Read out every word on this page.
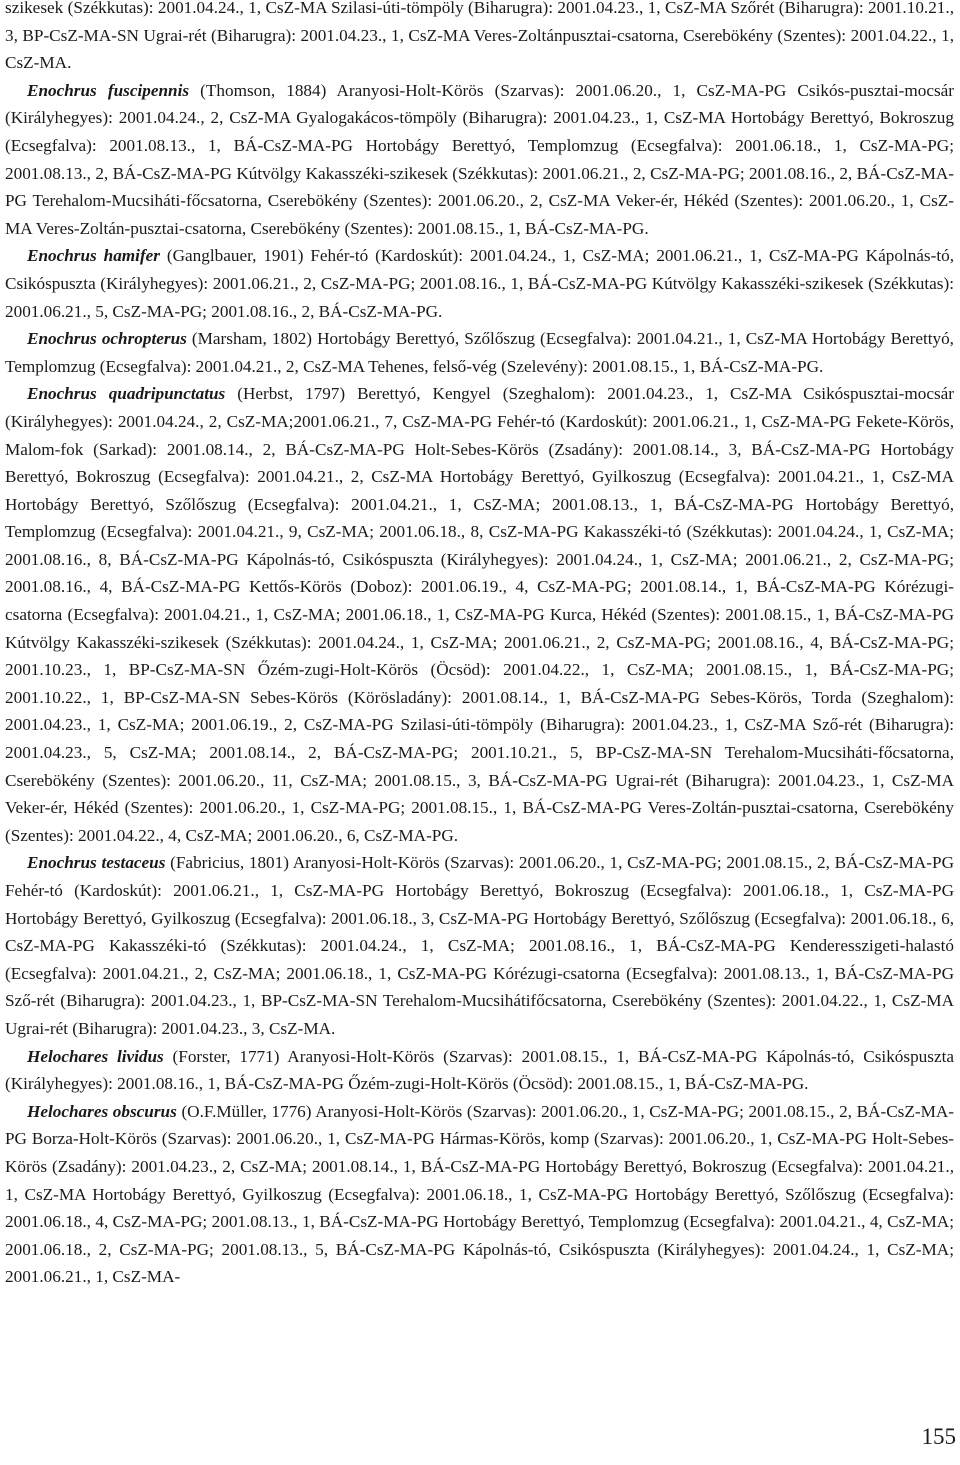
szikesek (Székkutas): 2001.04.24., 1, CsZ-MA Szilasi-úti-tömpöly (Biharugra): 2001.04.23., 1, CsZ-MA Szőrét (Biharugra): 2001.10.21., 3, BP-CsZ-MA-SN Ugrai-rét (Biharugra): 2001.04.23., 1, CsZ-MA Veres-Zoltánpusztai-csatorna, Cserebökény (Szentes): 2001.04.22., 1, CsZ-MA.

Enochrus fuscipennis (Thomson, 1884) Aranyosi-Holt-Körös (Szarvas): 2001.06.20., 1, CsZ-MA-PG Csikós-pusztai-mocsár (Királyhegyes): 2001.04.24., 2, CsZ-MA Gyalogakácos-tömpöly (Biharugra): 2001.04.23., 1, CsZ-MA Hortobágy Berettyó, Bokroszug (Ecsegfalva): 2001.08.13., 1, BÁ-CsZ-MA-PG Hortobágy Berettyó, Templomzug (Ecsegfalva): 2001.06.18., 1, CsZ-MA-PG; 2001.08.13., 2, BÁ-CsZ-MA-PG Kútvölgy Kakasszéki-szikesek (Székkutas): 2001.06.21., 2, CsZ-MA-PG; 2001.08.16., 2, BÁ-CsZ-MA-PG Terehalom-Mucsiháti-főcsatorna, Cserebökény (Szentes): 2001.06.20., 2, CsZ-MA Veker-ér, Hékéd (Szentes): 2001.06.20., 1, CsZ-MA Veres-Zoltán-pusztai-csatorna, Cserebökény (Szentes): 2001.08.15., 1, BÁ-CsZ-MA-PG.

Enochrus hamifer (Ganglbauer, 1901) Fehér-tó (Kardoskút): 2001.04.24., 1, CsZ-MA; 2001.06.21., 1, CsZ-MA-PG Kápolnás-tó, Csikóspuszta (Királyhegyes): 2001.06.21., 2, CsZ-MA-PG; 2001.08.16., 1, BÁ-CsZ-MA-PG Kútvölgy Kakasszéki-szikesek (Székkutas): 2001.06.21., 5, CsZ-MA-PG; 2001.08.16., 2, BÁ-CsZ-MA-PG.

Enochrus ochropterus (Marsham, 1802) Hortobágy Berettyó, Szőlőszug (Ecsegfalva): 2001.04.21., 1, CsZ-MA Hortobágy Berettyó, Templomzug (Ecsegfalva): 2001.04.21., 2, CsZ-MA Tehenes, felső-vég (Szelevény): 2001.08.15., 1, BÁ-CsZ-MA-PG.

Enochrus quadripunctatus (Herbst, 1797) Berettyó, Kengyel (Szeghalom): 2001.04.23., 1, CsZ-MA Csikóspusztai-mocsár (Királyhegyes): 2001.04.24., 2, CsZ-MA;2001.06.21., 7, CsZ-MA-PG Fehér-tó (Kardoskút): 2001.06.21., 1, CsZ-MA-PG Fekete-Körös, Malom-fok (Sarkad): 2001.08.14., 2, BÁ-CsZ-MA-PG Holt-Sebes-Körös (Zsadány): 2001.08.14., 3, BÁ-CsZ-MA-PG Hortobágy Berettyó, Bokroszug (Ecsegfalva): 2001.04.21., 2, CsZ-MA Hortobágy Berettyó, Gyilkoszug (Ecsegfalva): 2001.04.21., 1, CsZ-MA Hortobágy Berettyó, Szőlőszug (Ecsegfalva): 2001.04.21., 1, CsZ-MA; 2001.08.13., 1, BÁ-CsZ-MA-PG Hortobágy Berettyó, Templomzug (Ecsegfalva): 2001.04.21., 9, CsZ-MA; 2001.06.18., 8, CsZ-MA-PG Kakasszéki-tó (Székkutas): 2001.04.24., 1, CsZ-MA; 2001.08.16., 8, BÁ-CsZ-MA-PG Kápolnás-tó, Csikóspuszta (Királyhegyes): 2001.04.24., 1, CsZ-MA; 2001.06.21., 2, CsZ-MA-PG; 2001.08.16., 4, BÁ-CsZ-MA-PG Kettős-Körös (Doboz): 2001.06.19., 4, CsZ-MA-PG; 2001.08.14., 1, BÁ-CsZ-MA-PG Kórézugi-csatorna (Ecsegfalva): 2001.04.21., 1, CsZ-MA; 2001.06.18., 1, CsZ-MA-PG Kurca, Hékéd (Szentes): 2001.08.15., 1, BÁ-CsZ-MA-PG Kútvölgy Kakasszéki-szikesek (Székkutas): 2001.04.24., 1, CsZ-MA; 2001.06.21., 2, CsZ-MA-PG; 2001.08.16., 4, BÁ-CsZ-MA-PG; 2001.10.23., 1, BP-CsZ-MA-SN Őzém-zugi-Holt-Körös (Öcsöd): 2001.04.22., 1, CsZ-MA; 2001.08.15., 1, BÁ-CsZ-MA-PG; 2001.10.22., 1, BP-CsZ-MA-SN Sebes-Körös (Körösladány): 2001.08.14., 1, BÁ-CsZ-MA-PG Sebes-Körös, Torda (Szeghalom): 2001.04.23., 1, CsZ-MA; 2001.06.19., 2, CsZ-MA-PG Szilasi-úti-tömpöly (Biharugra): 2001.04.23., 1, CsZ-MA Sző-rét (Biharugra): 2001.04.23., 5, CsZ-MA; 2001.08.14., 2, BÁ-CsZ-MA-PG; 2001.10.21., 5, BP-CsZ-MA-SN Terehalom-Mucsiháti-főcsatorna, Cserebökény (Szentes): 2001.06.20., 11, CsZ-MA; 2001.08.15., 3, BÁ-CsZ-MA-PG Ugrai-rét (Biharugra): 2001.04.23., 1, CsZ-MA Veker-ér, Hékéd (Szentes): 2001.06.20., 1, CsZ-MA-PG; 2001.08.15., 1, BÁ-CsZ-MA-PG Veres-Zoltán-pusztai-csatorna, Cserebökény (Szentes): 2001.04.22., 4, CsZ-MA; 2001.06.20., 6, CsZ-MA-PG.

Enochrus testaceus (Fabricius, 1801) Aranyosi-Holt-Körös (Szarvas): 2001.06.20., 1, CsZ-MA-PG; 2001.08.15., 2, BÁ-CsZ-MA-PG Fehér-tó (Kardoskút): 2001.06.21., 1, CsZ-MA-PG Hortobágy Berettyó, Bokroszug (Ecsegfalva): 2001.06.18., 1, CsZ-MA-PG Hortobágy Berettyó, Gyilkoszug (Ecsegfalva): 2001.06.18., 3, CsZ-MA-PG Hortobágy Berettyó, Szőlőszug (Ecsegfalva): 2001.06.18., 6, CsZ-MA-PG Kakasszéki-tó (Székkutas): 2001.04.24., 1, CsZ-MA; 2001.08.16., 1, BÁ-CsZ-MA-PG Kenderesszigeti-halastó (Ecsegfalva): 2001.04.21., 2, CsZ-MA; 2001.06.18., 1, CsZ-MA-PG Kórézugi-csatorna (Ecsegfalva): 2001.08.13., 1, BÁ-CsZ-MA-PG Sző-rét (Biharugra): 2001.04.23., 1, BP-CsZ-MA-SN Terehalom-Mucsihátifőcsatorna, Cserebökény (Szentes): 2001.04.22., 1, CsZ-MA Ugrai-rét (Biharugra): 2001.04.23., 3, CsZ-MA.

Helochares lividus (Forster, 1771) Aranyosi-Holt-Körös (Szarvas): 2001.08.15., 1, BÁ-CsZ-MA-PG Kápolnás-tó, Csikóspuszta (Királyhegyes): 2001.08.16., 1, BÁ-CsZ-MA-PG Őzém-zugi-Holt-Körös (Öcsöd): 2001.08.15., 1, BÁ-CsZ-MA-PG.

Helochares obscurus (O.F.Müller, 1776) Aranyosi-Holt-Körös (Szarvas): 2001.06.20., 1, CsZ-MA-PG; 2001.08.15., 2, BÁ-CsZ-MA-PG Borza-Holt-Körös (Szarvas): 2001.06.20., 1, CsZ-MA-PG Hármas-Körös, komp (Szarvas): 2001.06.20., 1, CsZ-MA-PG Holt-Sebes-Körös (Zsadány): 2001.04.23., 2, CsZ-MA; 2001.08.14., 1, BÁ-CsZ-MA-PG Hortobágy Berettyó, Bokroszug (Ecsegfalva): 2001.04.21., 1, CsZ-MA Hortobágy Berettyó, Gyilkoszug (Ecsegfalva): 2001.06.18., 1, CsZ-MA-PG Hortobágy Berettyó, Szőlőszug (Ecsegfalva): 2001.06.18., 4, CsZ-MA-PG; 2001.08.13., 1, BÁ-CsZ-MA-PG Hortobágy Berettyó, Templomzug (Ecsegfalva): 2001.04.21., 4, CsZ-MA; 2001.06.18., 2, CsZ-MA-PG; 2001.08.13., 5, BÁ-CsZ-MA-PG Kápolnás-tó, Csikóspuszta (Királyhegyes): 2001.04.24., 1, CsZ-MA; 2001.06.21., 1, CsZ-MA-

155
